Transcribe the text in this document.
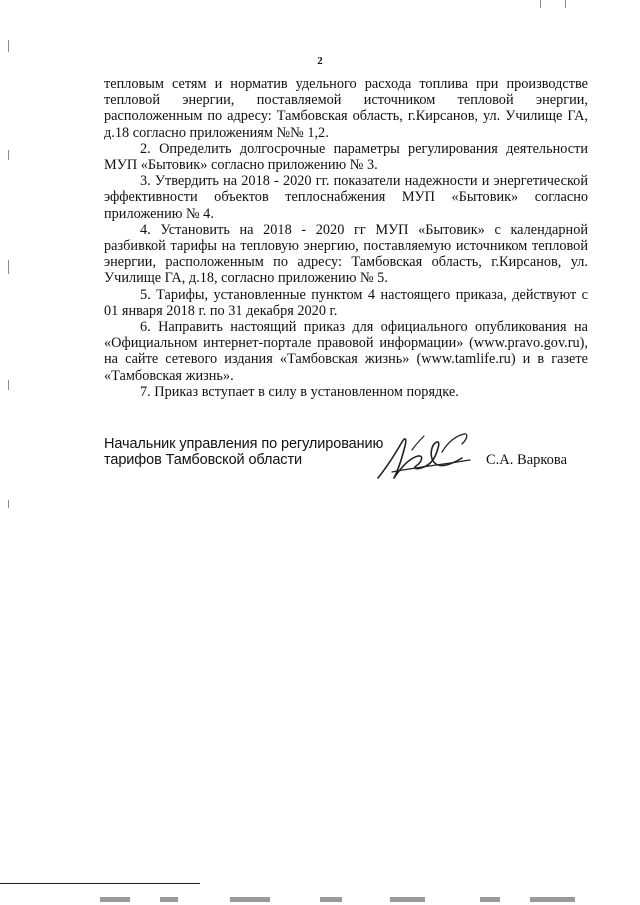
2

тепловым сетям и норматив удельного расхода топлива при производстве тепловой энергии, поставляемой источником тепловой энергии, расположенным по адресу: Тамбовская область, г.Кирсанов, ул. Училище ГА, д.18 согласно приложениям №№ 1,2.

2. Определить долгосрочные параметры регулирования деятельности МУП «Бытовик» согласно приложению № 3.

3. Утвердить на 2018 - 2020 гг. показатели надежности и энергетической эффективности объектов теплоснабжения МУП «Бытовик» согласно приложению № 4.

4. Установить на 2018 - 2020 гг МУП «Бытовик» с календарной разбивкой тарифы на тепловую энергию, поставляемую источником тепловой энергии, расположенным по адресу: Тамбовская область, г.Кирсанов, ул. Училище ГА, д.18, согласно приложению № 5.

5. Тарифы, установленные пунктом 4 настоящего приказа, действуют с 01 января 2018 г. по 31 декабря 2020 г.

6. Направить настоящий приказ для официального опубликования на «Официальном интернет-портале правовой информации» (www.pravo.gov.ru), на сайте сетевого издания «Тамбовская жизнь» (www.tamlife.ru) и в газете «Тамбовская жизнь».

7. Приказ вступает в силу в установленном порядке.

Начальник управления по регулированию
тарифов Тамбовской области	С.А. Варкова
